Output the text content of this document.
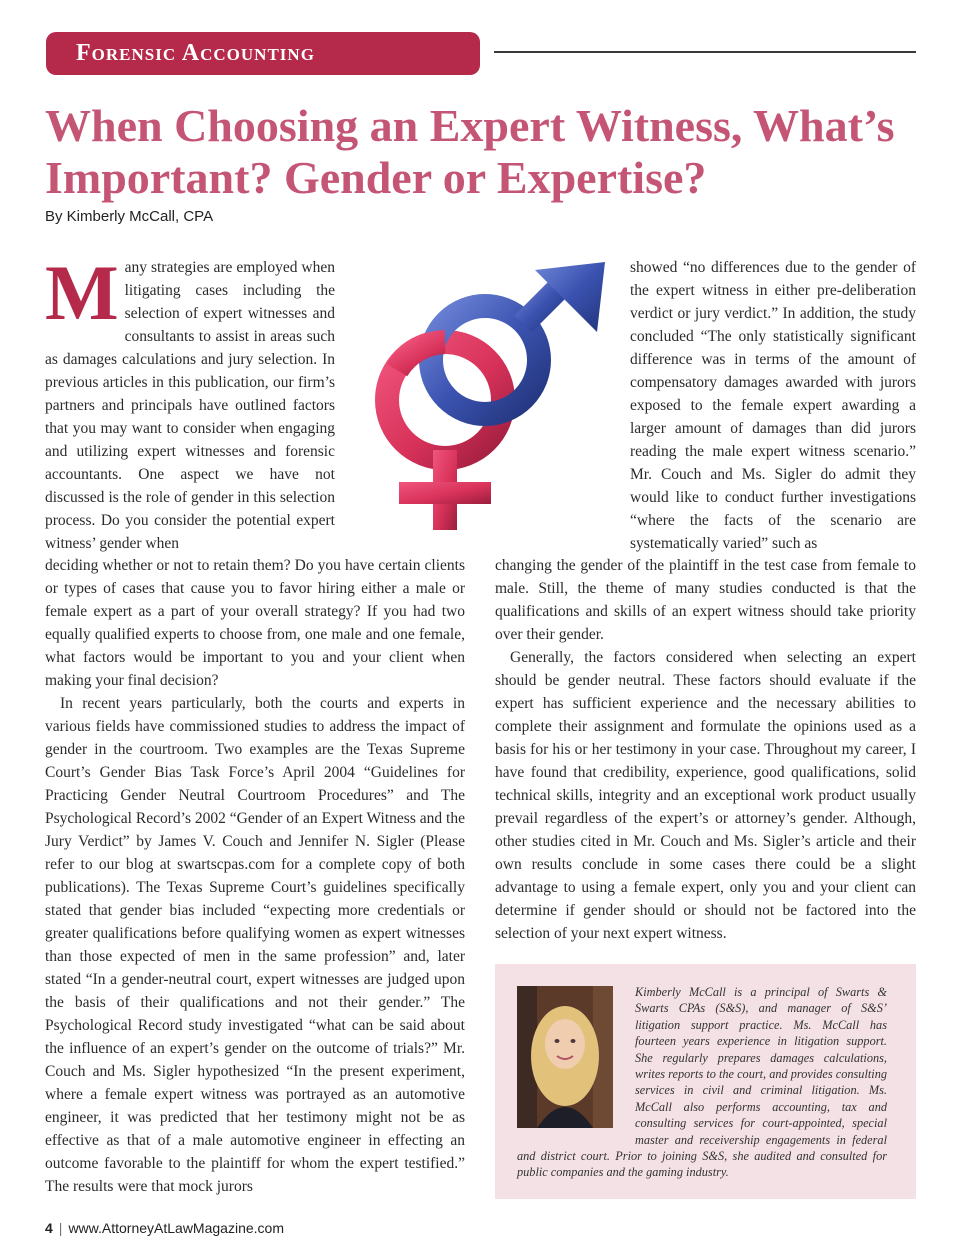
Forensic Accounting
When Choosing an Expert Witness, What’s Important? Gender or Expertise?
By Kimberly McCall, CPA
M any strategies are employed when litigating cases including the selection of expert witnesses and consultants to assist in areas such as damages calculations and jury selection. In previous articles in this publication, our firm’s partners and principals have outlined factors that you may want to consider when engaging and utilizing expert witnesses and forensic accountants. One aspect we have not discussed is the role of gender in this selection process. Do you consider the potential expert witness’ gender when

showed “no differences due to the gender of the expert witness in either pre-deliberation verdict or jury verdict.” In addition, the study concluded “The only statistically significant difference was in terms of the amount of compensatory damages awarded with jurors exposed to the female expert awarding a larger amount of damages than did jurors reading the male expert witness scenario.” Mr. Couch and Ms. Sigler do admit they would like to conduct further investigations “where the facts of the scenario are systematically varied” such as

deciding whether or not to retain them? Do you have certain clients or types of cases that cause you to favor hiring either a male or female expert as a part of your overall strategy? If you had two equally qualified experts to choose from, one male and one female, what factors would be important to you and your client when making your final decision?

In recent years particularly, both the courts and experts in various fields have commissioned studies to address the impact of gender in the courtroom. Two examples are the Texas Supreme Court’s Gender Bias Task Force’s April 2004 “Guidelines for Practicing Gender Neutral Courtroom Procedures” and The Psychological Record’s 2002 “Gender of an Expert Witness and the Jury Verdict” by James V. Couch and Jennifer N. Sigler (Please refer to our blog at swartscpas.com for a complete copy of both publications). The Texas Supreme Court’s guidelines specifically stated that gender bias included “expecting more credentials or greater qualifications before qualifying women as expert witnesses than those expected of men in the same profession” and, later stated “In a gender-neutral court, expert witnesses are judged upon the basis of their qualifications and not their gender.” The Psychological Record study investigated “what can be said about the influence of an expert’s gender on the outcome of trials?” Mr. Couch and Ms. Sigler hypothesized “In the present experiment, where a female expert witness was portrayed as an automotive engineer, it was predicted that her testimony might not be as effective as that of a male automotive engineer in effecting an outcome favorable to the plaintiff for whom the expert testified.” The results were that mock jurors

changing the gender of the plaintiff in the test case from female to male. Still, the theme of many studies conducted is that the qualifications and skills of an expert witness should take priority over their gender.

Generally, the factors considered when selecting an expert should be gender neutral. These factors should evaluate if the expert has sufficient experience and the necessary abilities to complete their assignment and formulate the opinions used as a basis for his or her testimony in your case. Throughout my career, I have found that credibility, experience, good qualifications, solid technical skills, integrity and an exceptional work product usually prevail regardless of the expert’s or attorney’s gender. Although, other studies cited in Mr. Couch and Ms. Sigler’s article and their own results conclude in some cases there could be a slight advantage to using a female expert, only you and your client can determine if gender should or should not be factored into the selection of your next expert witness.

Kimberly McCall is a principal of Swarts & Swarts CPAs (S&S), and manager of S&S’ litigation support practice. Ms. McCall has fourteen years experience in litigation support. She regularly prepares damages calculations, writes reports to the court, and provides consulting services in civil and criminal litigation. Ms. McCall also performs accounting, tax and consulting services for court-appointed, special master and receivership engagements in federal and district court. Prior to joining S&S, she audited and consulted for public companies and the gaming industry.
4 | www.AttorneyAtLawMagazine.com
